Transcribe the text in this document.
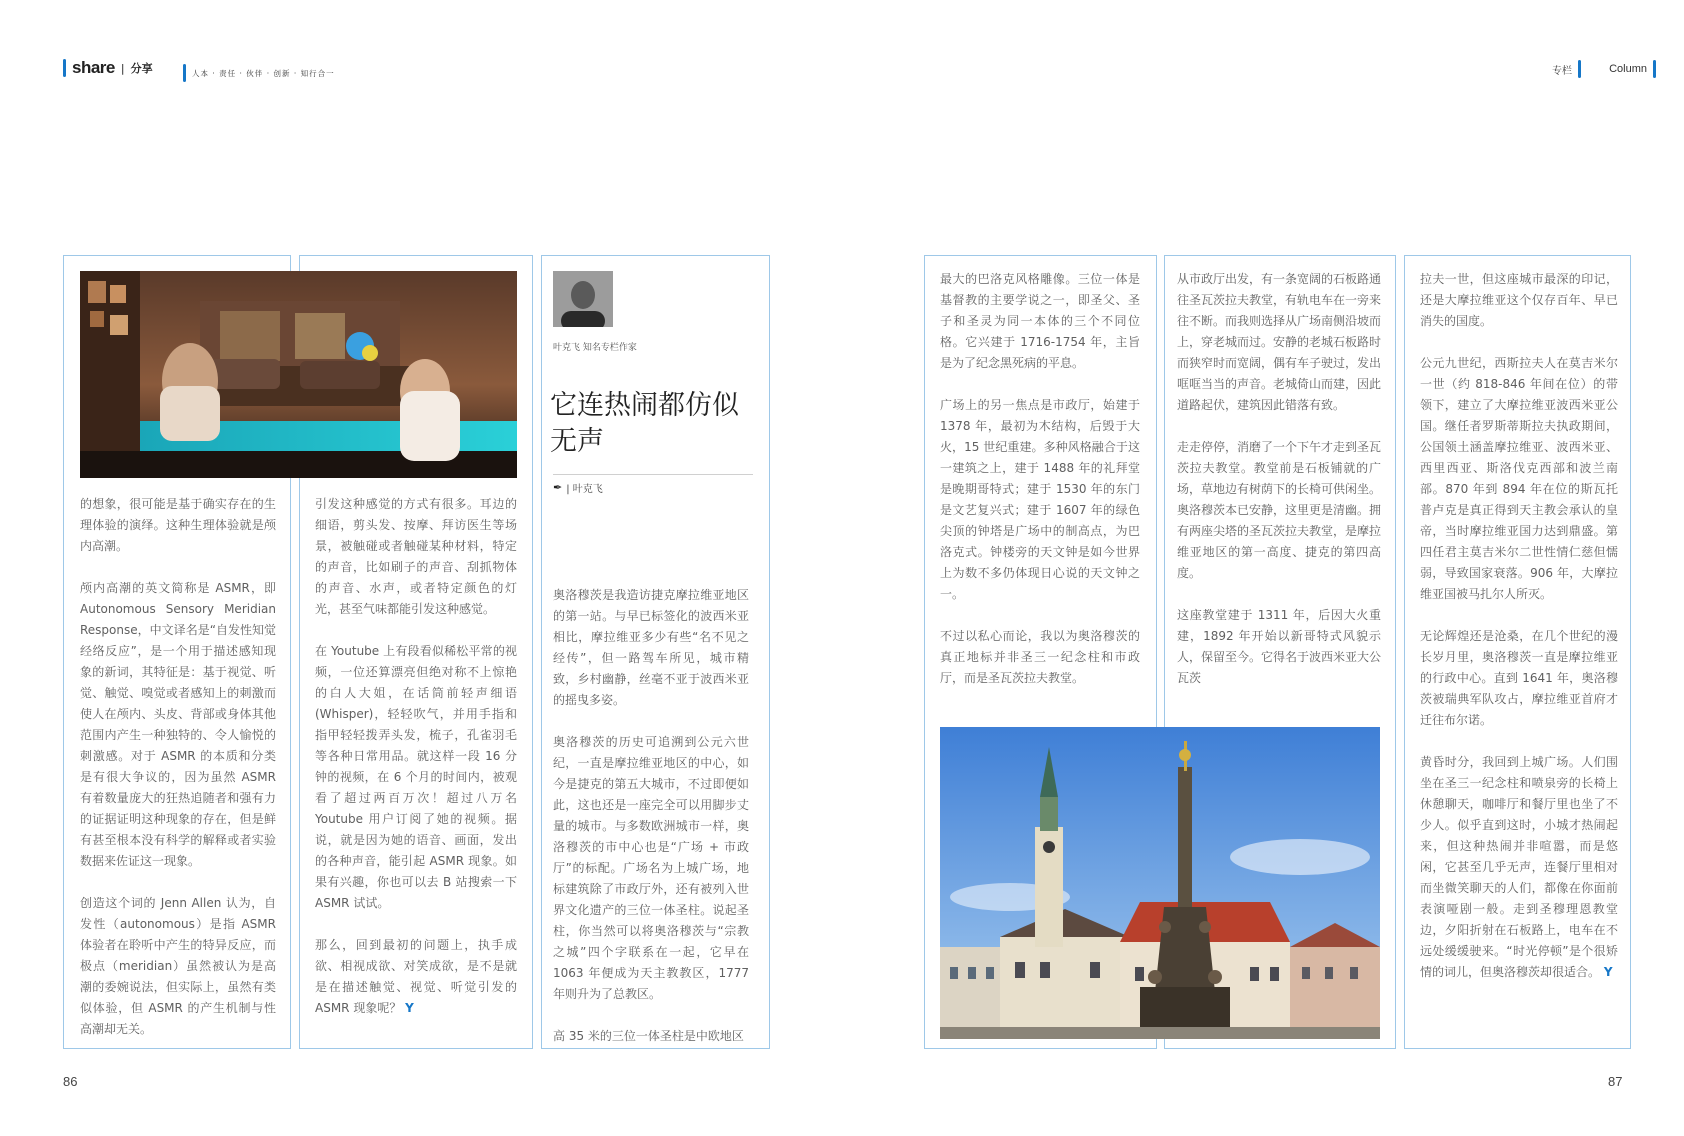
share | 分享	人本 · 责任 · 伙伴 · 创新 · 知行合一	专栏	Column

的想象，很可能是基于确实存在的生理体验的演绎。这种生理体验就是颅内高潮。

颅内高潮的英文简称是 ASMR，即 Autonomous Sensory Meridian Response，中文译名是“自发性知觉经络反应”，是一个用于描述感知现象的新词，其特征是：基于视觉、听觉、触觉、嗅觉或者感知上的刺激而使人在颅内、头皮、背部或身体其他范围内产生一种独特的、令人愉悦的刺激感。对于 ASMR 的本质和分类是有很大争议的，因为虽然 ASMR 有着数量庞大的狂热追随者和强有力的证据证明这种现象的存在，但是鲜有甚至根本没有科学的解释或者实验数据来佐证这一现象。

创造这个词的 Jenn Allen 认为，自发性（autonomous）是指 ASMR 体验者在聆听中产生的特异反应，而极点（meridian）虽然被认为是高潮的委婉说法，但实际上，虽然有类似体验，但 ASMR 的产生机制与性高潮却无关。

引发这种感觉的方式有很多。耳边的细语，剪头发、按摩、拜访医生等场景，被触碰或者触碰某种材料，特定的声音，比如刷子的声音、刮抓物体的声音、水声，或者特定颜色的灯光，甚至气味都能引发这种感觉。

在 Youtube 上有段看似稀松平常的视频，一位还算漂亮但绝对称不上惊艳的白人大姐，在话筒前轻声细语(Whisper)，轻轻吹气，并用手指和指甲轻轻拨弄头发，梳子，孔雀羽毛等各种日常用品。就这样一段 16 分钟的视频，在 6 个月的时间内，被观看了超过两百万次！超过八万名 Youtube 用户订阅了她的视频。据说，就是因为她的语音、画面，发出的各种声音，能引起 ASMR 现象。如果有兴趣，你也可以去 B 站搜索一下 ASMR 试试。

那么，回到最初的问题上，执手成欲、相视成欲、对笑成欲，是不是就是在描述触觉、视觉、听觉引发的 ASMR 现象呢？ Y

叶克飞 知名专栏作家
它连热闹都仿似无声
✒ | 叶克飞

奥洛穆茨是我造访捷克摩拉维亚地区的第一站。与早已标签化的波西米亚相比，摩拉维亚多少有些“名不见之经传”，但一路驾车所见，城市精致，乡村幽静，丝毫不亚于波西米亚的摇曳多姿。

奥洛穆茨的历史可追溯到公元六世纪，一直是摩拉维亚地区的中心，如今是捷克的第五大城市，不过即便如此，这也还是一座完全可以用脚步丈量的城市。与多数欧洲城市一样，奥洛穆茨的市中心也是“广场 + 市政厅”的标配。广场名为上城广场，地标建筑除了市政厅外，还有被列入世界文化遗产的三位一体圣柱。说起圣柱，你当然可以将奥洛穆茨与“宗教之城”四个字联系在一起，它早在 1063 年便成为天主教教区，1777 年则升为了总教区。

高 35 米的三位一体圣柱是中欧地区

86

最大的巴洛克风格雕像。三位一体是基督教的主要学说之一，即圣父、圣子和圣灵为同一本体的三个不同位格。它兴建于 1716-1754 年，主旨是为了纪念黑死病的平息。

广场上的另一焦点是市政厅，始建于 1378 年，最初为木结构，后毁于大火，15 世纪重建。多种风格融合于这一建筑之上，建于 1488 年的礼拜堂是晚期哥特式；建于 1530 年的东门是文艺复兴式；建于 1607 年的绿色尖顶的钟塔是广场中的制高点，为巴洛克式。钟楼旁的天文钟是如今世界上为数不多仍体现日心说的天文钟之一。

不过以私心而论，我以为奥洛穆茨的真正地标并非圣三一纪念柱和市政厅，而是圣瓦茨拉夫教堂。

从市政厅出发，有一条宽阔的石板路通往圣瓦茨拉夫教堂，有轨电车在一旁来往不断。而我则选择从广场南侧沿坡而上，穿老城而过。安静的老城石板路时而狭窄时而宽阔，偶有车子驶过，发出哐哐当当的声音。老城倚山而建，因此道路起伏，建筑因此错落有致。

走走停停，消磨了一个下午才走到圣瓦茨拉夫教堂。教堂前是石板铺就的广场，草地边有树荫下的长椅可供闲坐。奥洛穆茨本已安静，这里更是清幽。拥有两座尖塔的圣瓦茨拉夫教堂，是摩拉维亚地区的第一高度、捷克的第四高度。

这座教堂建于 1311 年，后因大火重建，1892 年开始以新哥特式风貌示人，保留至今。它得名于波西米亚大公瓦茨

拉夫一世，但这座城市最深的印记，还是大摩拉维亚这个仅存百年、早已消失的国度。

公元九世纪，西斯拉夫人在莫吉米尔一世（约 818-846 年间在位）的带领下，建立了大摩拉维亚波西米亚公国。继任者罗斯蒂斯拉夫执政期间，公国领土涵盖摩拉维亚、波西米亚、西里西亚、斯洛伐克西部和波兰南部。870 年到 894 年在位的斯瓦托普卢克是真正得到天主教会承认的皇帝，当时摩拉维亚国力达到鼎盛。第四任君主莫吉米尔二世性情仁慈但懦弱，导致国家衰落。906 年，大摩拉维亚国被马扎尔人所灭。

无论辉煌还是沧桑，在几个世纪的漫长岁月里，奥洛穆茨一直是摩拉维亚的行政中心。直到 1641 年，奥洛穆茨被瑞典军队攻占，摩拉维亚首府才迁往布尔诺。

黄昏时分，我回到上城广场。人们围坐在圣三一纪念柱和喷泉旁的长椅上休憩聊天，咖啡厅和餐厅里也坐了不少人。似乎直到这时，小城才热闹起来，但这种热闹并非喧嚣，而是悠闲，它甚至几乎无声，连餐厅里相对而坐微笑聊天的人们，都像在你面前表演哑剧一般。走到圣穆理恩教堂边，夕阳折射在石板路上，电车在不远处缓缓驶来。“时光停顿”是个很矫情的词儿，但奥洛穆茨却很适合。 Y

87
